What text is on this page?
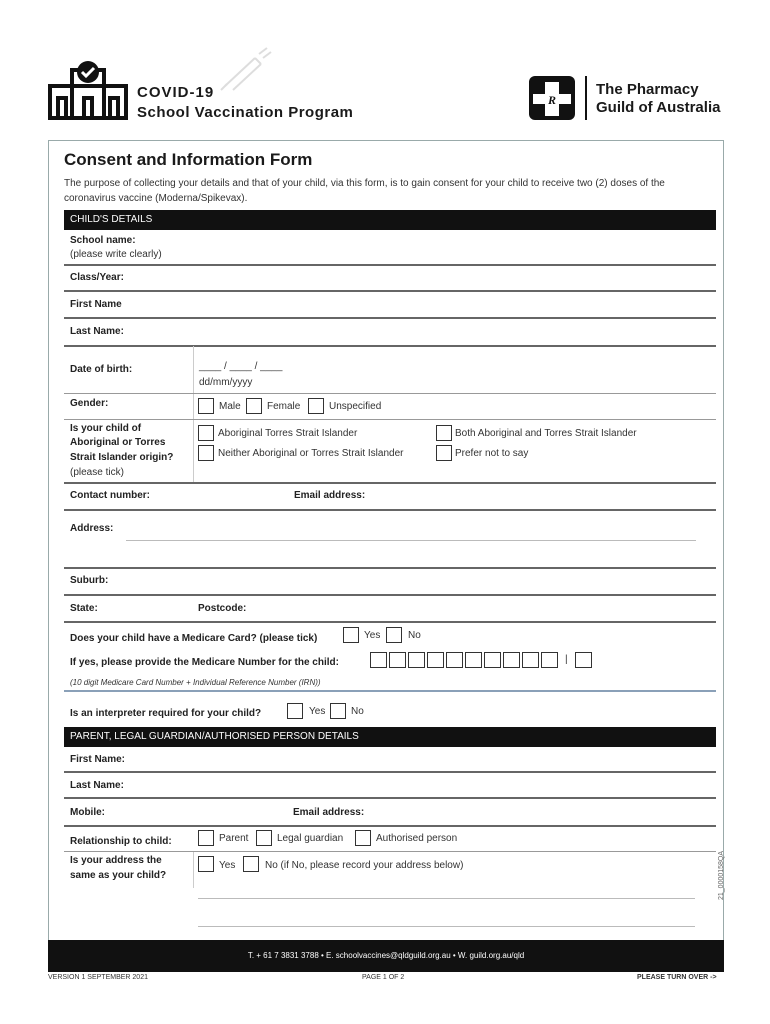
COVID-19
School Vaccination Program
R
The Pharmacy
Guild of Australia
Consent and Information Form
The purpose of collecting your details and that of your child, via this form, is to gain consent for your child to receive two (2) doses of the coronavirus vaccine (Moderna/Spikevax).
CHILD'S DETAILS
School name:
(please write clearly)
Class/Year:
First Name
Last Name:
Date of birth:	____ / ____ / ____
dd/mm/yyyy
Gender:	Male	Female	Unspecified
Is your child of
Aboriginal or Torres
Strait Islander origin?
(please tick)
Aboriginal Torres Strait Islander	Both Aboriginal and Torres Strait Islander
Neither Aboriginal or Torres Strait Islander	Prefer not to say
Contact number:	Email address:
Address:
Suburb:
State:	Postcode:
Does your child have a Medicare Card? (please tick)	Yes	No
If yes, please provide the Medicare Number for the child:	|
(10 digit Medicare Card Number + Individual Reference Number (IRN))
Is an interpreter required for your child?	Yes	No
PARENT, LEGAL GUARDIAN/AUTHORISED PERSON DETAILS
First Name:
Last Name:
Mobile:	Email address:
Relationship to child:	Parent	Legal guardian	Authorised person
Is your address the
same as your child?
Yes	No (if No, please record your address below)	21_0000158QA
T. + 61 7 3831 3788 • E. schoolvaccines@qldguild.org.au • W. guild.org.au/qld
VERSION 1 SEPTEMBER 2021	PAGE 1 OF 2	PLEASE TURN OVER ->
